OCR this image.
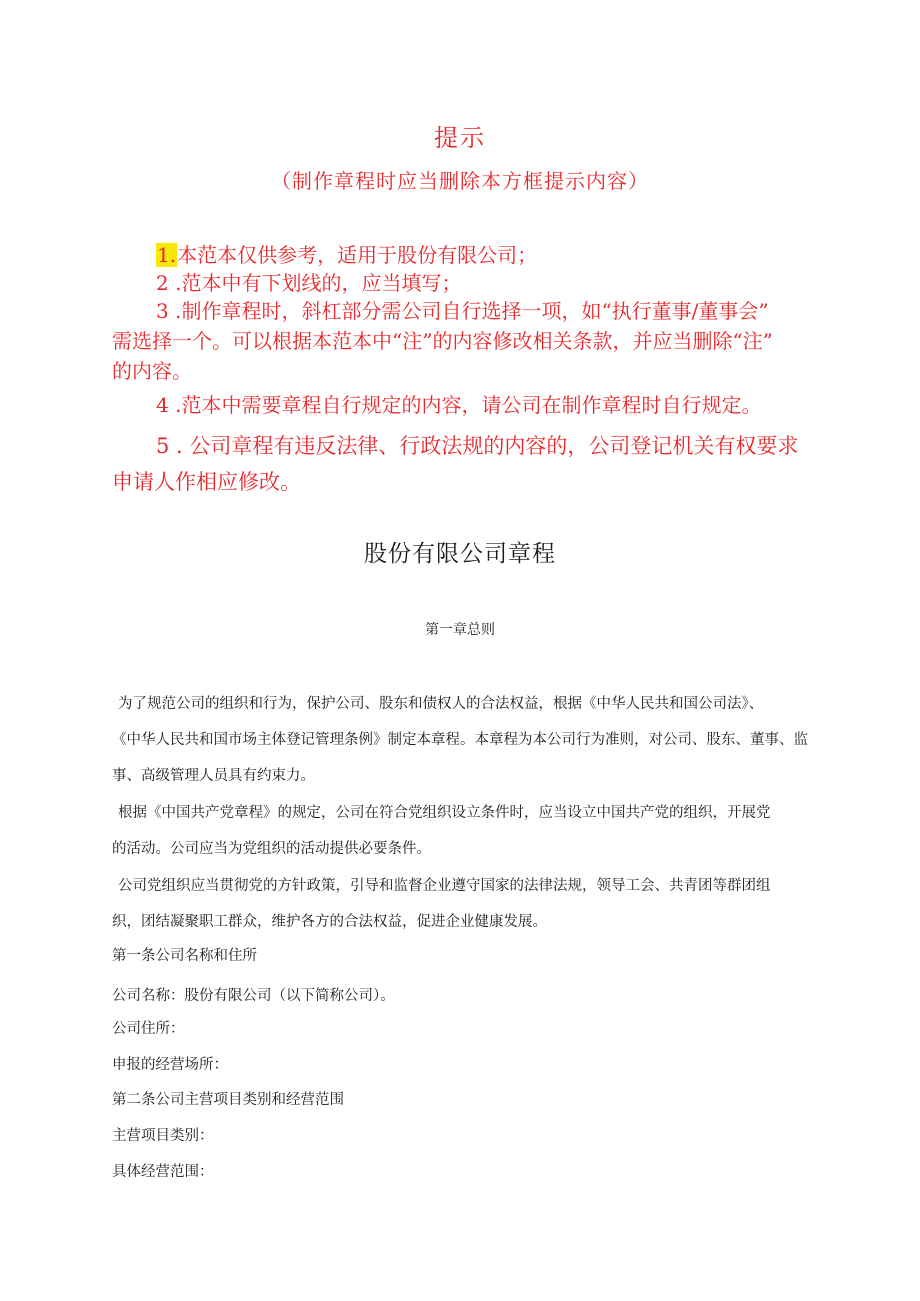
提示
（制作章程时应当删除本方框提示内容）
1.本范本仅供参考，适用于股份有限公司；
2 .范本中有下划线的，应当填写；
3 .制作章程时，斜杠部分需公司自行选择一项，如“执行董事/董事会”
需选择一个。可以根据本范本中“注”的内容修改相关条款，并应当删除“注”
的内容。
4 .范本中需要章程自行规定的内容，请公司在制作章程时自行规定。
5 . 公司章程有违反法律、行政法规的内容的，公司登记机关有权要求
申请人作相应修改。
股份有限公司章程
第一章总则
为了规范公司的组织和行为，保护公司、股东和债权人的合法权益，根据《中华人民共和国公司法》、
《中华人民共和国市场主体登记管理条例》制定本章程。本章程为本公司行为准则，对公司、股东、董事、监
事、高级管理人员具有约束力。
根据《中国共产党章程》的规定，公司在符合党组织设立条件时，应当设立中国共产党的组织，开展党
的活动。公司应当为党组织的活动提供必要条件。
公司党组织应当贯彻党的方针政策，引导和监督企业遵守国家的法律法规，领导工会、共青团等群团组
织，团结凝聚职工群众，维护各方的合法权益，促进企业健康发展。
第一条公司名称和住所
公司名称：股份有限公司（以下简称公司）。
公司住所：
申报的经营场所：
第二条公司主营项目类别和经营范围
主营项目类别：
具体经营范围：
